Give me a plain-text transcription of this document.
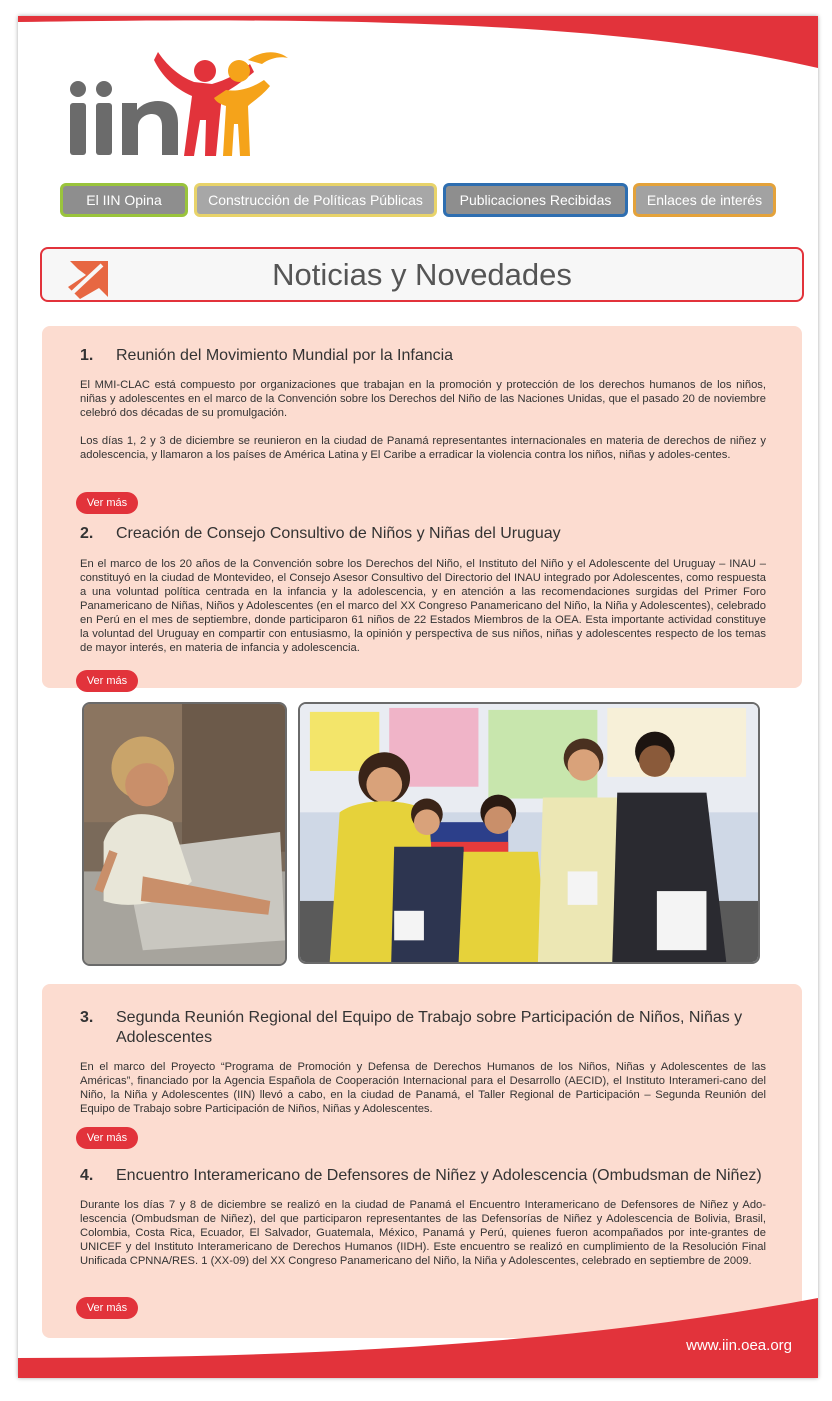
El IIN Opina	Construcción de Políticas Públicas	Publicaciones Recibidas	Enlaces de interés
Noticias y Novedades
1.	Reunión del Movimiento Mundial por la Infancia

El MMI-CLAC está compuesto por organizaciones que trabajan en la promoción y protección de los derechos humanos de los niños, niñas y adolescentes en el marco de la Convención sobre los Derechos del Niño de las Naciones Unidas, que el pasado 20 de noviembre celebró dos décadas de su promulgación.

Los días 1, 2 y 3 de diciembre se reunieron en la ciudad de Panamá representantes internacionales en materia de derechos de niñez y adolescencia, y llamaron a los países de América Latina y El Caribe a erradicar la violencia contra los niños, niñas y adoles-centes.

Ver más
2.	Creación de Consejo Consultivo de Niños y Niñas del Uruguay

En el marco de los 20 años de la Convención sobre los Derechos del Niño, el Instituto del Niño y el Adolescente del Uruguay – INAU – constituyó en la ciudad de Montevideo, el Consejo Asesor Consultivo del Directorio del INAU integrado por Adolescentes, como respuesta a una voluntad política centrada en la infancia y la adolescencia, y en atención a las recomendaciones surgidas del Primer Foro Panamericano de Niñas, Niños y Adolescentes (en el marco del XX Congreso Panamericano del Niño, la Niña y Adolescentes), celebrado en Perú en el mes de septiembre, donde participaron 61 niños de 22 Estados Miembros de la OEA. Esta importante actividad constituye la voluntad del Uruguay en compartir con entusiasmo, la opinión y perspectiva de sus niños, niñas y adolescentes respecto de los temas de mayor interés, en materia de infancia y adolescencia.

Ver más
3.	Segunda Reunión Regional del Equipo de Trabajo sobre Participación de Niños, Niñas y Adolescentes

En el marco del Proyecto “Programa de Promoción y Defensa de Derechos Humanos de los Niños, Niñas y Adolescentes de las Américas”, financiado por la Agencia Española de Cooperación Internacional para el Desarrollo (AECID), el Instituto Interameri-cano del Niño, la Niña y Adolescentes (IIN) llevó a cabo, en la ciudad de Panamá, el Taller Regional de Participación – Segunda Reunión del Equipo de Trabajo sobre Participación de Niños, Niñas y Adolescentes.

Ver más
4.	Encuentro Interamericano de Defensores de Niñez y Adolescencia (Ombudsman de Niñez)

Durante los días 7 y 8 de diciembre se realizó en la ciudad de Panamá el Encuentro Interamericano de Defensores de Niñez y Ado-lescencia (Ombudsman de Niñez), del que participaron representantes de las Defensorías de Niñez y Adolescencia de Bolivia, Brasil, Colombia, Costa Rica, Ecuador, El Salvador, Guatemala, México, Panamá y Perú, quienes fueron acompañados por inte-grantes de UNICEF y del Instituto Interamericano de Derechos Humanos (IIDH). Este encuentro se realizó en cumplimiento de la Resolución Final Unificada CPNNA/RES. 1 (XX-09) del XX Congreso Panamericano del Niño, la Niña y Adolescentes, celebrado en septiembre de 2009.

Ver más
www.iin.oea.org
